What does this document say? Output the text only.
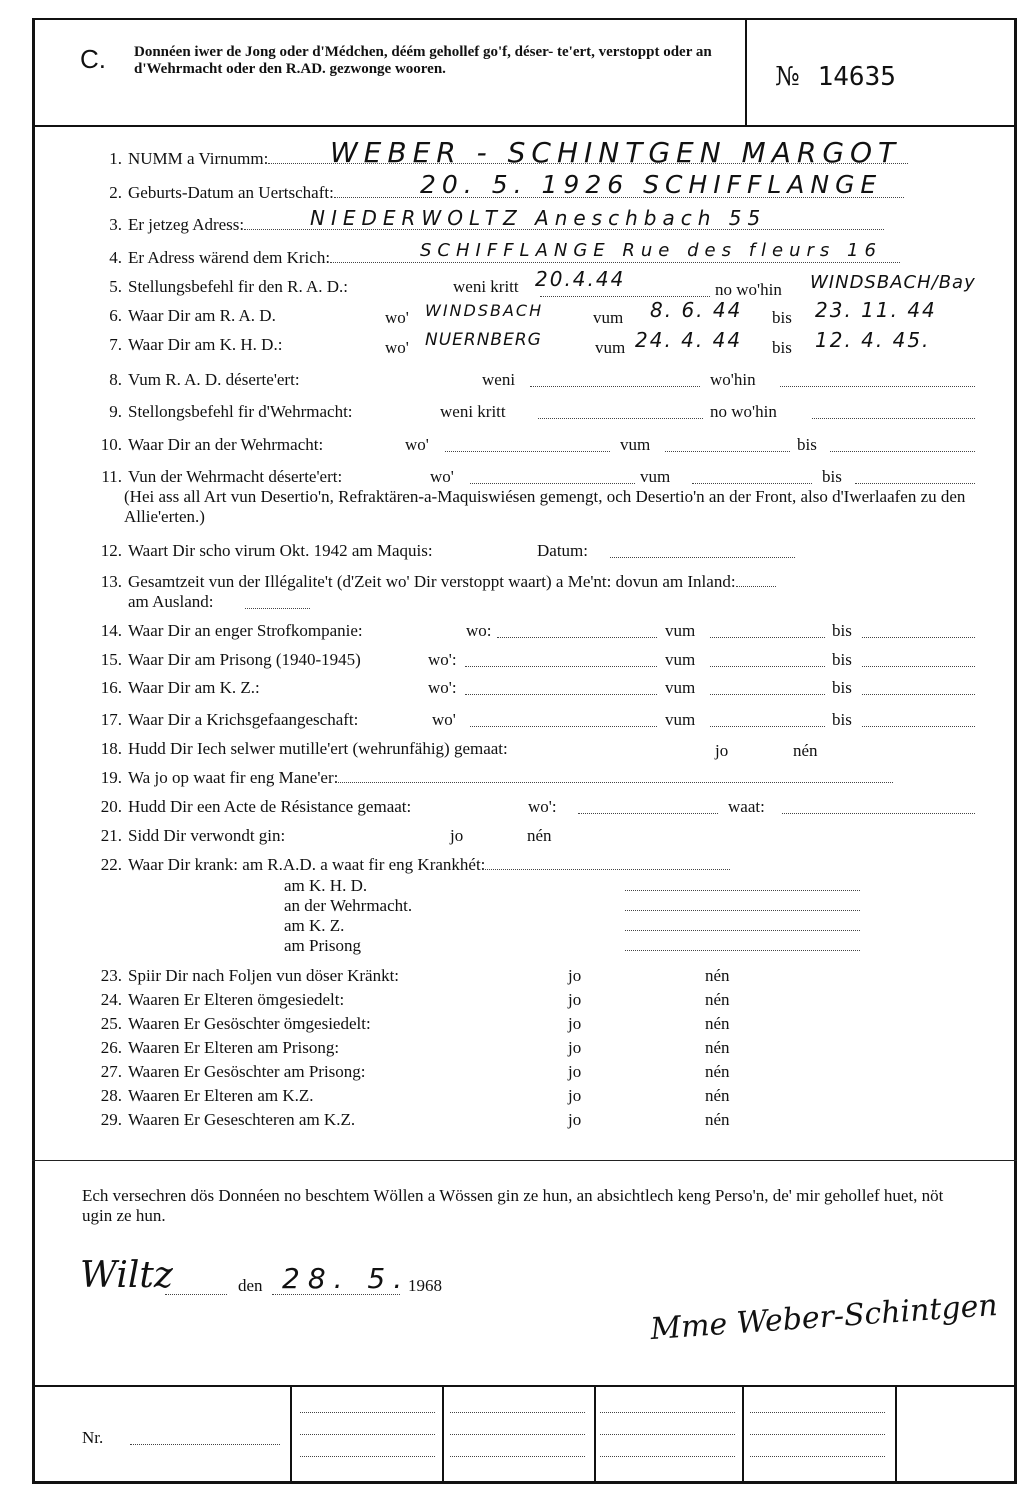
C. Donnéen iwer de Jong oder d'Médchen, déém gehollef go'f, déser- te'ert, verstoppt oder an d'Wehrmacht oder den R.AD. gezwonge wooren.	№ 14635
1. NUMM a Virnumm:	WEBER - SCHINTGEN MARGOT
2. Geburts-Datum an Uertschaft:	20. 5. 1926 SCHIFFLANGE
3. Er jetzeg Adress:	NIEDERWOLTZ Aneschbach 55
4. Er Adress wärend dem Krich:	SCHIFFLANGE Rue des fleurs 16
5. Stellungsbefehl fir den R. A. D.:	weni kritt 20.4.44	no wo'hin WINDSBACH/Bay
6. Waar Dir am R. A. D.	wo' WINDSBACH	vum 8. 6. 44 bis 23. 11. 44
7. Waar Dir am K. H. D.:	wo' NUERNBERG	vum 24. 4. 44 bis 12. 4. 45.
8. Vum R. A. D. déserte'ert:	weni	wo'hin
9. Stellongsbefehl fir d'Wehrmacht:	weni kritt	no wo'hin
10. Waar Dir an der Wehrmacht:	wo'	vum	bis
11. Vun der Wehrmacht déserte'ert:	wo'	vum	bis
(Hei ass all Art vun Desertio'n, Refraktären-a-Maquiswiésen gemengt, och Desertio'n an der Front, also d'Iwerlaafen zu den Allie'erten.)
12. Waart Dir scho virum Okt. 1942 am Maquis:	Datum:
13. Gesamtzeit vun der Illégalite't (d'Zeit wo' Dir verstoppt waart) a Me'nt: dovun am Inland:
am Ausland:
14. Waar Dir an enger Strofkompanie:	wo:	vum	bis
15. Waar Dir am Prisong (1940-1945)	wo':	vum	bis
16. Waar Dir am K. Z.:	wo':	vum	bis
17. Waar Dir a Krichsgefaangeschaft:	wo'	vum	bis
18. Hudd Dir Iech selwer mutille'ert (wehrunfähig) gemaat:	jo	nén
19. Wa jo op waat fir eng Mane'er:
20. Hudd Dir een Acte de Résistance gemaat:	wo':	waat:
21. Sidd Dir verwondt gin:	jo	nén
22. Waar Dir krank: am R.A.D. a waat fir eng Krankhét:
am K. H. D.
an der Wehrmacht.
am K. Z.
am Prisong
23. Spiir Dir nach Foljen vun döser Kränkt:	jo	nén
24. Waaren Er Elteren ömgesiedelt:	jo	nén
25. Waaren Er Gesöschter ömgesiedelt:	jo	nén
26. Waaren Er Elteren am Prisong:	jo	nén
27. Waaren Er Gesöschter am Prisong:	jo	nén
28. Waaren Er Elteren am K.Z.	jo	nén
29. Waaren Er Geseschteren am K.Z.	jo	nén
Ech versechren dös Donnéen no beschtem Wöllen a Wössen gin ze hun, an absichtlech keng Perso'n, de' mir gehollef huet, nöt ugin ze hun.
Wiltz	den 28. 5.
1968
Mme Weber-Schintgen
Nr.
